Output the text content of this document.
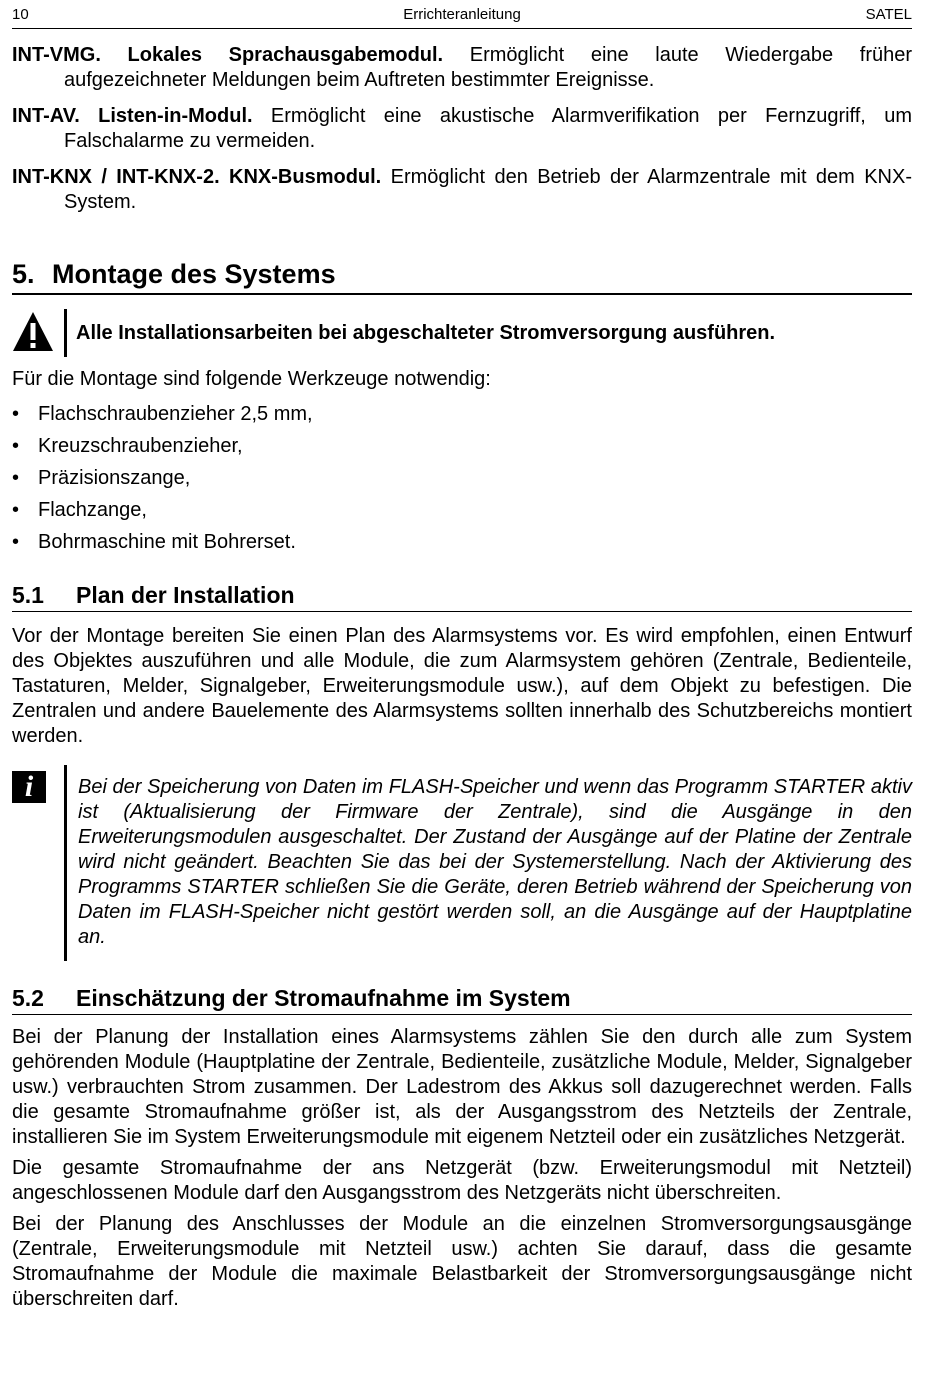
10	Errichteranleitung	SATEL

INT-VMG. Lokales Sprachausgabemodul. Ermöglicht eine laute Wiedergabe früher aufgezeichneter Meldungen beim Auftreten bestimmter Ereignisse.

INT-AV. Listen-in-Modul. Ermöglicht eine akustische Alarmverifikation per Fernzugriff, um Falschalarme zu vermeiden.

INT-KNX / INT-KNX-2. KNX-Busmodul. Ermöglicht den Betrieb der Alarmzentrale mit dem KNX-System.

5. Montage des Systems
Alle Installationsarbeiten bei abgeschalteter Stromversorgung ausführen.

Für die Montage sind folgende Werkzeuge notwendig:

• Flachschraubenzieher 2,5 mm,
• Kreuzschraubenzieher,
• Präzisionszange,
• Flachzange,
• Bohrmaschine mit Bohrerset.
5.1 Plan der Installation

Vor der Montage bereiten Sie einen Plan des Alarmsystems vor. Es wird empfohlen, einen Entwurf des Objektes auszuführen und alle Module, die zum Alarmsystem gehören (Zentrale, Bedienteile, Tastaturen, Melder, Signalgeber, Erweiterungsmodule usw.), auf dem Objekt zu befestigen. Die Zentralen und andere Bauelemente des Alarmsystems sollten innerhalb des Schutzbereichs montiert werden.

i	Bei der Speicherung von Daten im FLASH-Speicher und wenn das Programm STARTER aktiv ist (Aktualisierung der Firmware der Zentrale), sind die Ausgänge in den Erweiterungsmodulen ausgeschaltet. Der Zustand der Ausgänge auf der Platine der Zentrale wird nicht geändert. Beachten Sie das bei der Systemerstellung. Nach der Aktivierung des Programms STARTER schließen Sie die Geräte, deren Betrieb während der Speicherung von Daten im FLASH-Speicher nicht gestört werden soll, an die Ausgänge auf der Hauptplatine an.
5.2 Einschätzung der Stromaufnahme im System

Bei der Planung der Installation eines Alarmsystems zählen Sie den durch alle zum System gehörenden Module (Hauptplatine der Zentrale, Bedienteile, zusätzliche Module, Melder, Signalgeber usw.) verbrauchten Strom zusammen. Der Ladestrom des Akkus soll dazugerechnet werden. Falls die gesamte Stromaufnahme größer ist, als der Ausgangsstrom des Netzteils der Zentrale, installieren Sie im System Erweiterungsmodule mit eigenem Netzteil oder ein zusätzliches Netzgerät.

Die gesamte Stromaufnahme der ans Netzgerät (bzw. Erweiterungsmodul mit Netzteil) angeschlossenen Module darf den Ausgangsstrom des Netzgeräts nicht überschreiten.

Bei der Planung des Anschlusses der Module an die einzelnen Stromversorgungsausgänge (Zentrale, Erweiterungsmodule mit Netzteil usw.) achten Sie darauf, dass die gesamte Stromaufnahme der Module die maximale Belastbarkeit der Stromversorgungsausgänge nicht überschreiten darf.
